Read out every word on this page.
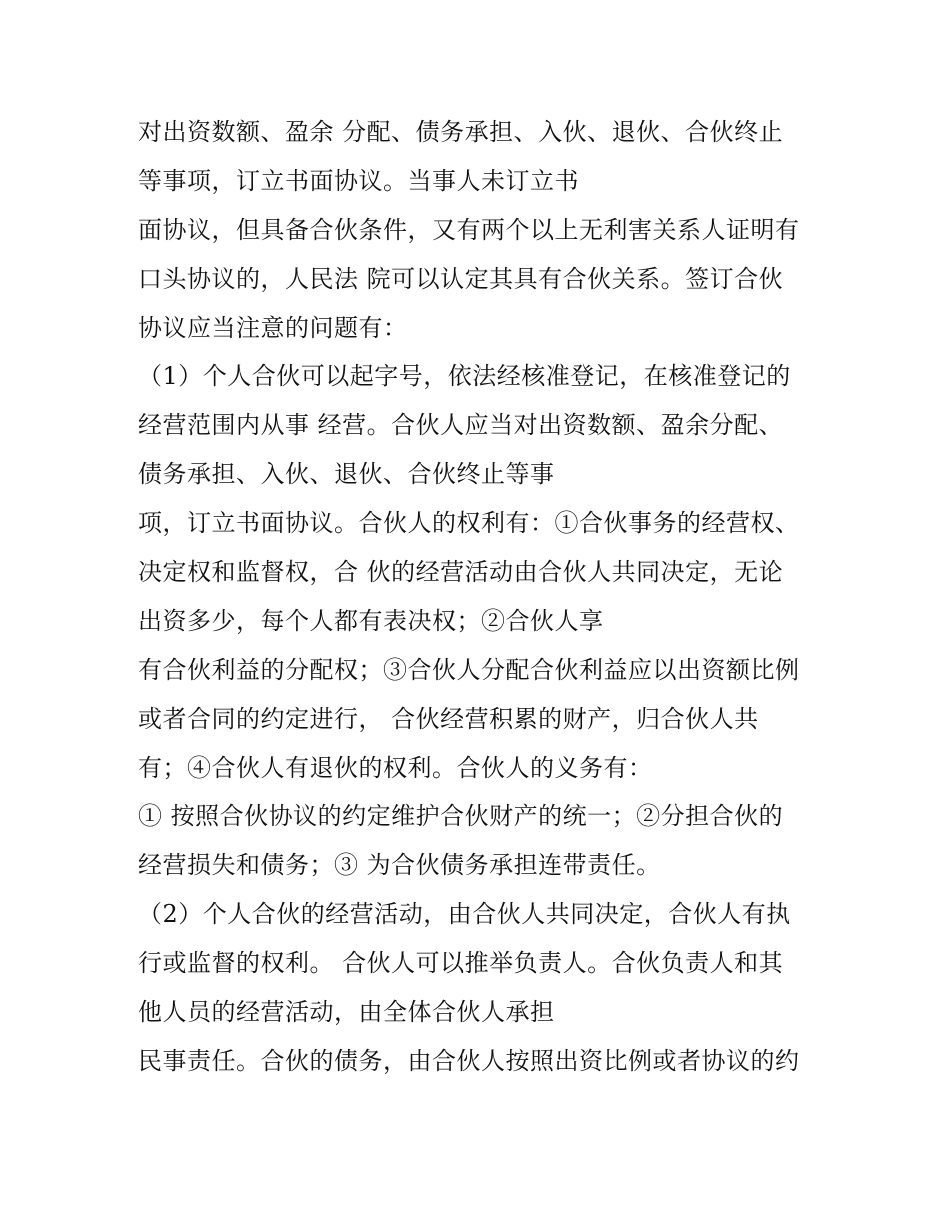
对出资数额、盈余 分配、债务承担、入伙、退伙、合伙终止
等事项，订立书面协议。当事人未订立书
面协议，但具备合伙条件，又有两个以上无利害关系人证明有
口头协议的，人民法 院可以认定其具有合伙关系。签订合伙
协议应当注意的问题有：
（1）个人合伙可以起字号，依法经核准登记，在核准登记的
经营范围内从事 经营。合伙人应当对出资数额、盈余分配、
债务承担、入伙、退伙、合伙终止等事
项，订立书面协议。合伙人的权利有：①合伙事务的经营权、
决定权和监督权，合 伙的经营活动由合伙人共同决定，无论
出资多少，每个人都有表决权；②合伙人享
有合伙利益的分配权；③合伙人分配合伙利益应以出资额比例
或者合同的约定进行， 合伙经营积累的财产，归合伙人共
有；④合伙人有退伙的权利。合伙人的义务有：
① 按照合伙协议的约定维护合伙财产的统一；②分担合伙的
经营损失和债务；③ 为合伙债务承担连带责任。
（2）个人合伙的经营活动，由合伙人共同决定，合伙人有执
行或监督的权利。 合伙人可以推举负责人。合伙负责人和其
他人员的经营活动，由全体合伙人承担
民事责任。合伙的债务，由合伙人按照出资比例或者协议的约
